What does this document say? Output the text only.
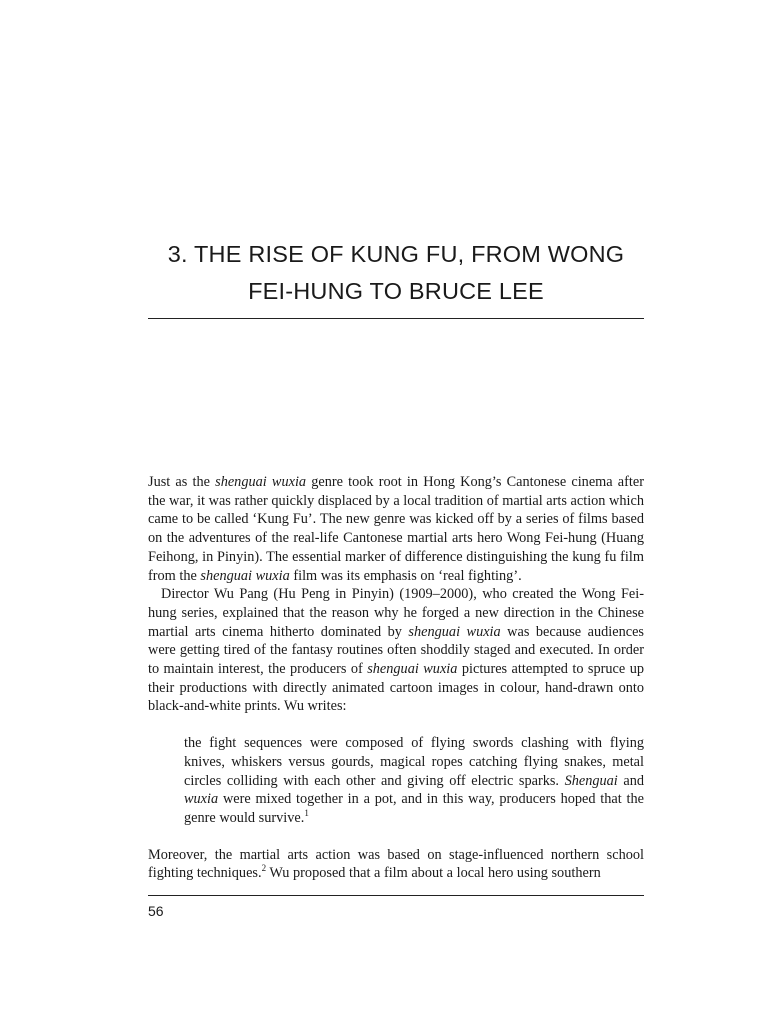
3. THE RISE OF KUNG FU, FROM WONG
FEI-HUNG TO BRUCE LEE

Just as the shenguai wuxia genre took root in Hong Kong’s Cantonese cinema after the war, it was rather quickly displaced by a local tradition of martial arts action which came to be called ‘Kung Fu’. The new genre was kicked off by a series of films based on the adventures of the real-life Cantonese martial arts hero Wong Fei-hung (Huang Feihong, in Pinyin). The essential marker of difference distinguishing the kung fu film from the shenguai wuxia film was its emphasis on ‘real fighting’.

Director Wu Pang (Hu Peng in Pinyin) (1909–2000), who created the Wong Fei-hung series, explained that the reason why he forged a new direction in the Chinese martial arts cinema hitherto dominated by shenguai wuxia was because audiences were getting tired of the fantasy routines often shoddily staged and executed. In order to maintain interest, the producers of shenguai wuxia pictures attempted to spruce up their productions with directly animated cartoon images in colour, hand-drawn onto black-and-white prints. Wu writes:

the fight sequences were composed of flying swords clashing with flying knives, whiskers versus gourds, magical ropes catching flying snakes, metal circles colliding with each other and giving off electric sparks. Shenguai and wuxia were mixed together in a pot, and in this way, producers hoped that the genre would survive.$^1$

Moreover, the martial arts action was based on stage-influenced northern school fighting techniques.$^2$ Wu proposed that a film about a local hero using southern

56
